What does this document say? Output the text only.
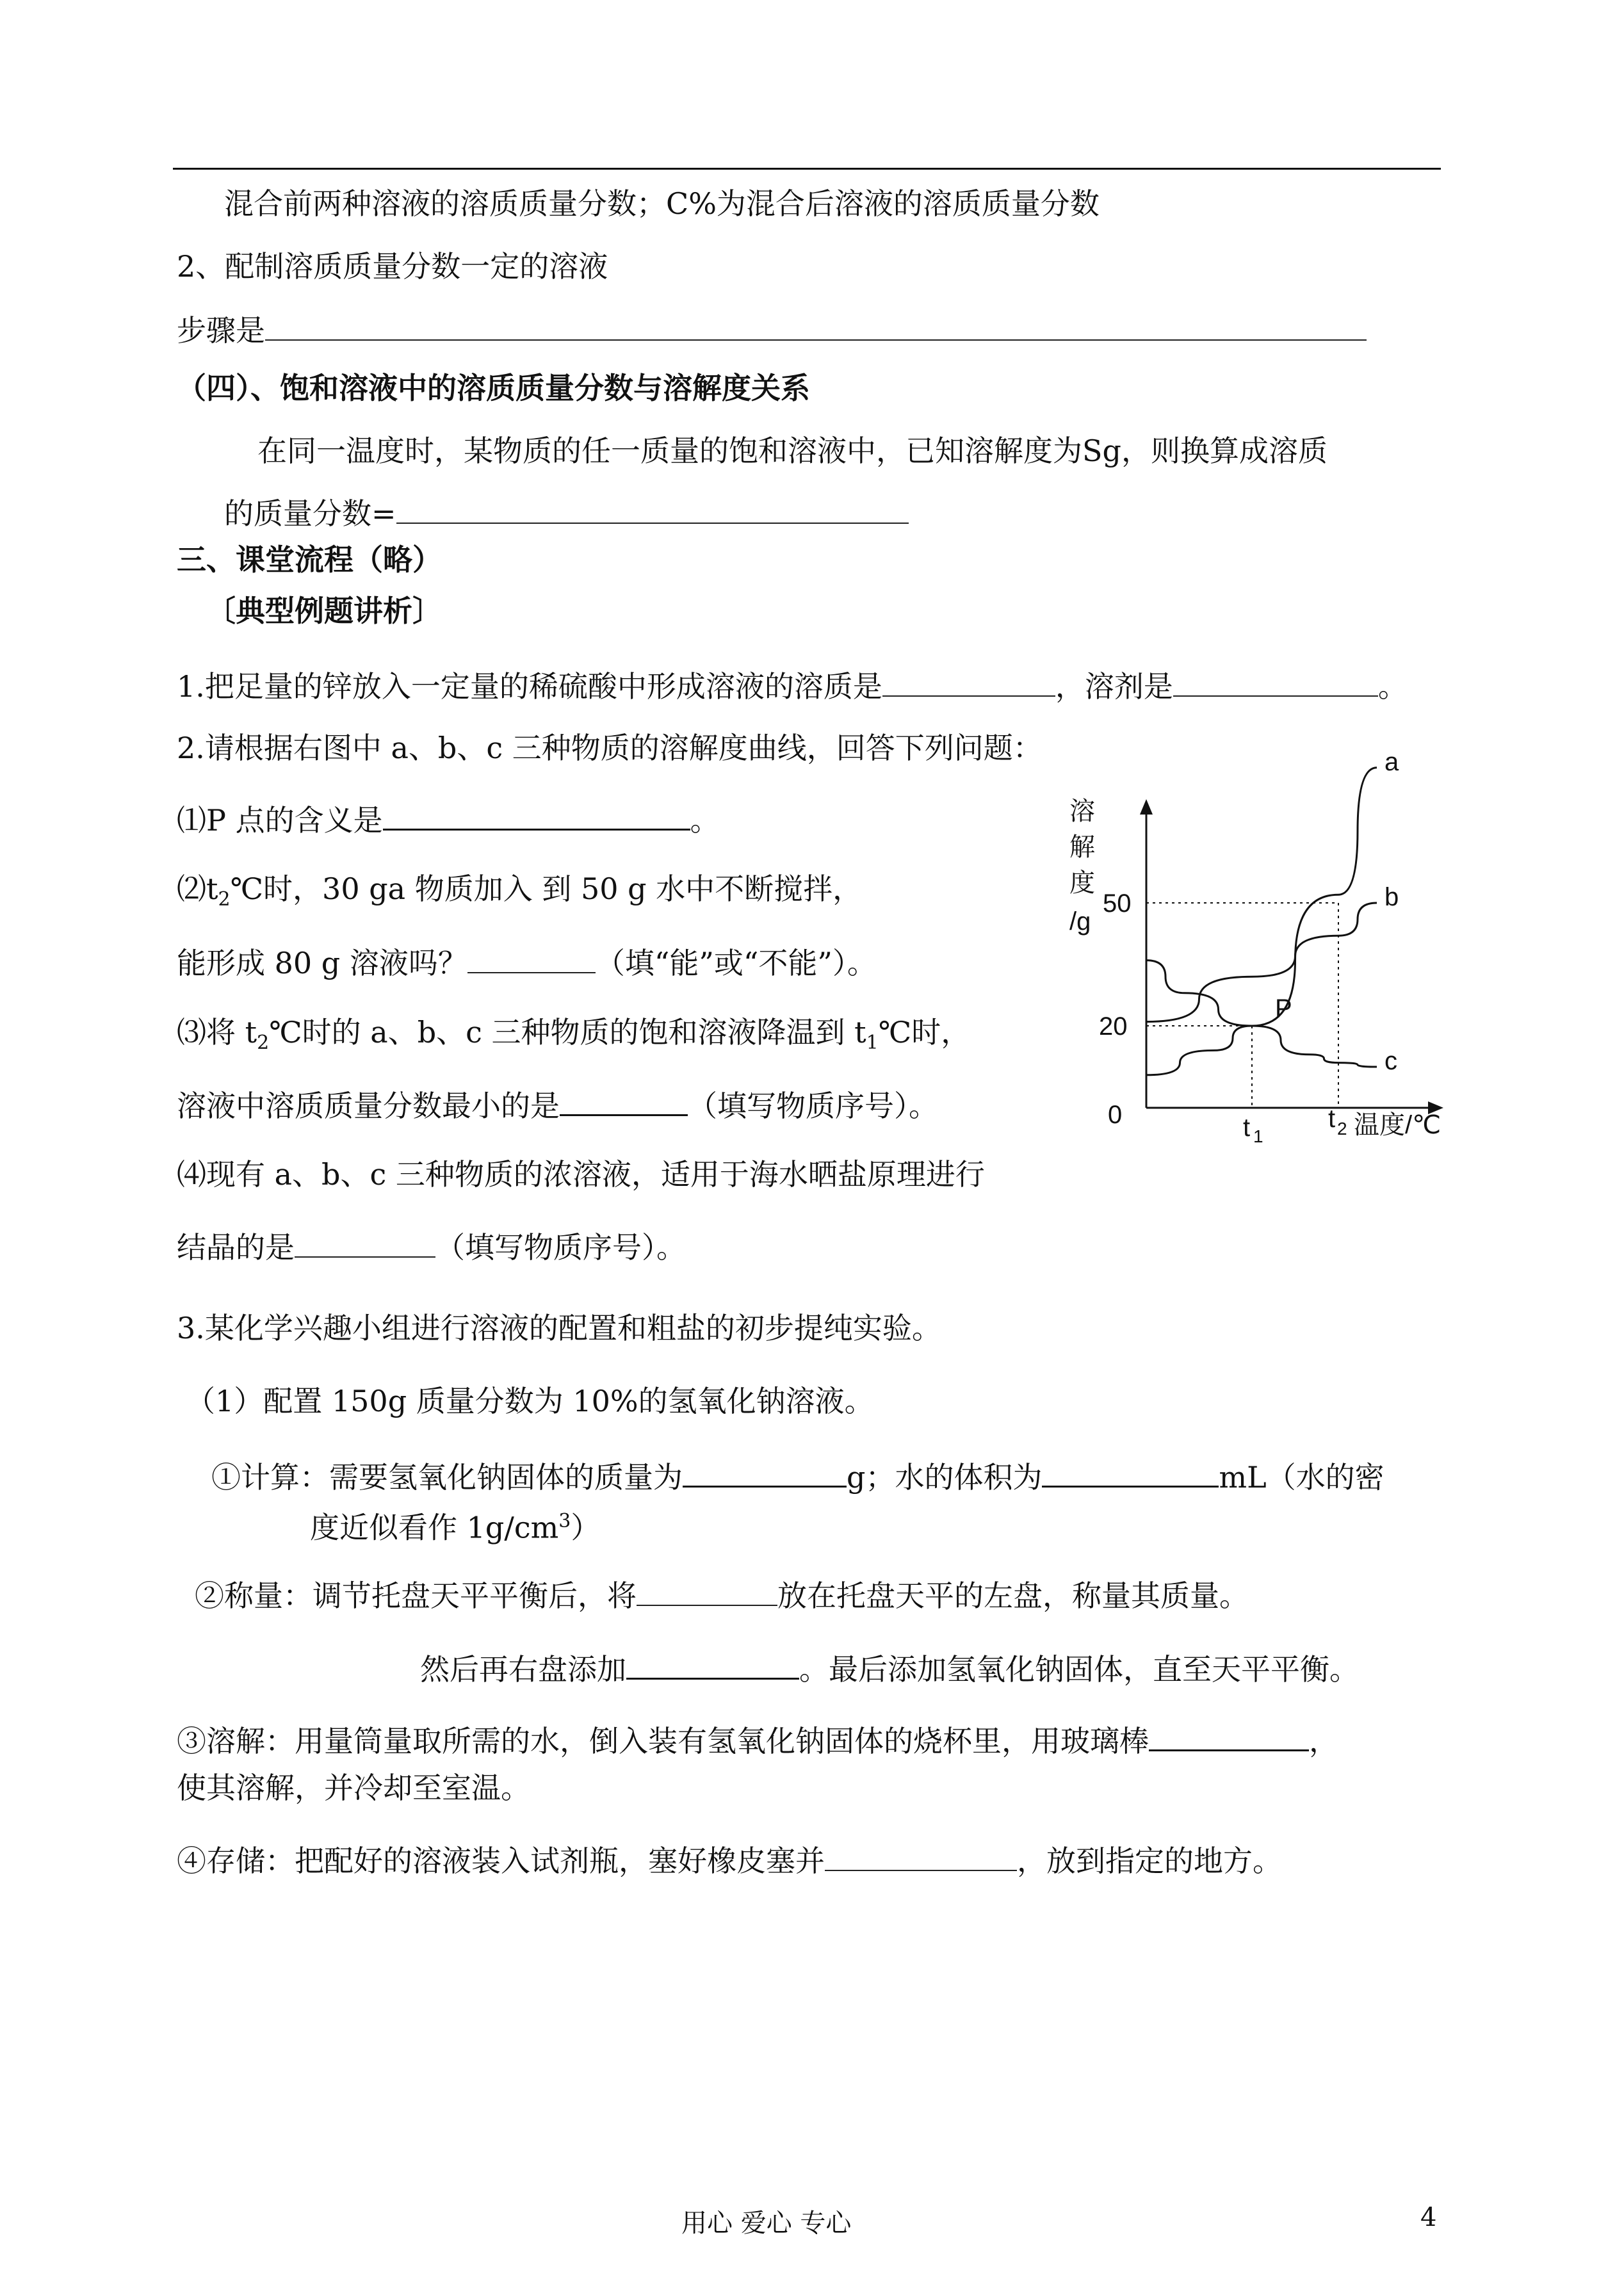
混合前两种溶液的溶质质量分数；C%为混合后溶液的溶质质量分数
2、配制溶质质量分数一定的溶液
步骤是
（四）、饱和溶液中的溶质质量分数与溶解度关系
在同一温度时，某物质的任一质量的饱和溶液中，已知溶解度为Sg，则换算成溶质
的质量分数=
三、课堂流程（略）
〔典型例题讲析〕
1.把足量的锌放入一定量的稀硫酸中形成溶液的溶质是	，溶剂是	。
2.请根据右图中 a、b、c 三种物质的溶解度曲线，回答下列问题：
⑴P 点的含义是	。
$⑵t_2℃$时，30 ga 物质加入 到 50 g 水中不断搅拌，
能形成 80 g 溶液吗？	（填“能”或“不能”）。
⑶将 $t_2℃$时的 a、b、c 三种物质的饱和溶液降温到 $t_1℃$时，
溶液中溶质质量分数最小的是	（填写物质序号）。
⑷现有 a、b、c 三种物质的浓溶液，适用于海水晒盐原理进行
结晶的是	（填写物质序号）。
溶
解
度
/g
50
20
0
a
b
c
P
t 1
t 2 温度/℃
3.某化学兴趣小组进行溶液的配置和粗盐的初步提纯实验。
（1）配置 150g 质量分数为 10%的氢氧化钠溶液。
①计算：需要氢氧化钠固体的质量为	g；水的体积为	mL（水的密
度近似看作 $1g/cm^3$）
②称量：调节托盘天平平衡后，将	放在托盘天平的左盘，称量其质量。
然后再右盘添加	。最后添加氢氧化钠固体，直至天平平衡。
③溶解：用量筒量取所需的水，倒入装有氢氧化钠固体的烧杯里，用玻璃棒	，
使其溶解，并冷却至室温。
④存储：把配好的溶液装入试剂瓶，塞好橡皮塞并	，放到指定的地方。
用心 爱心 专心	4
